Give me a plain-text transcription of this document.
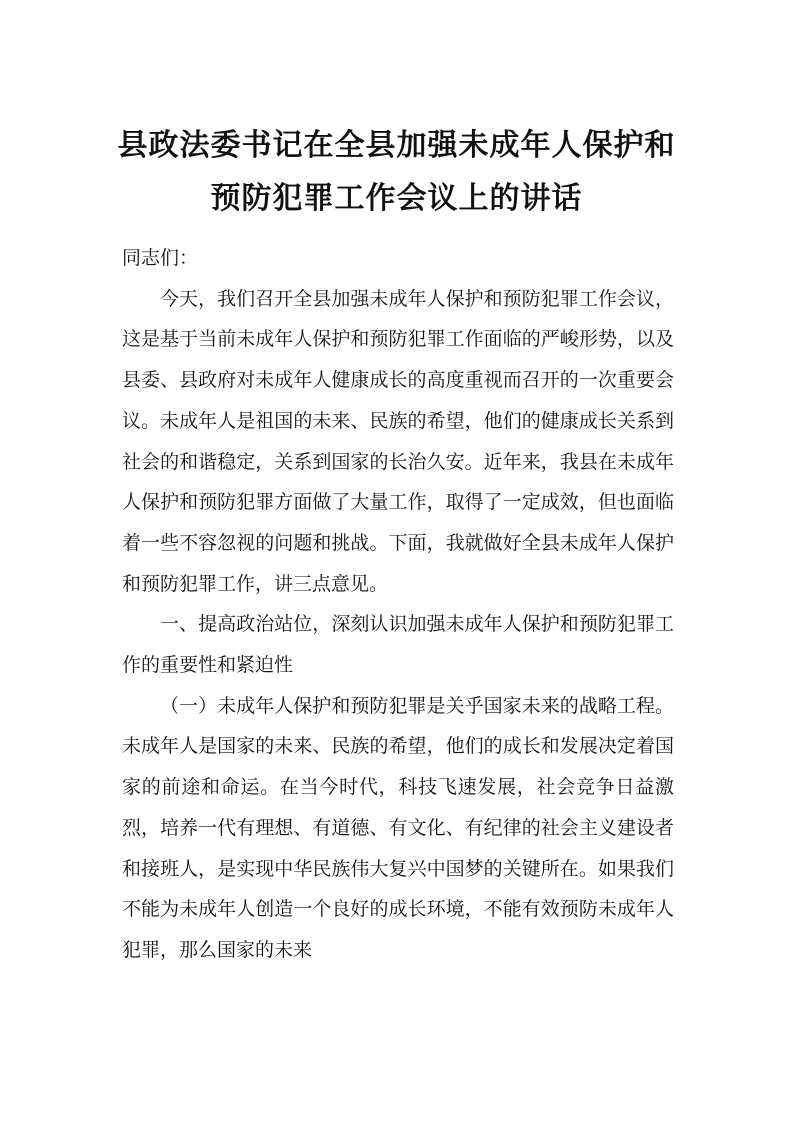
县政法委书记在全县加强未成年人保护和
预防犯罪工作会议上的讲话

同志们：

今天，我们召开全县加强未成年人保护和预防犯罪工作会议，这是基于当前未成年人保护和预防犯罪工作面临的严峻形势，以及县委、县政府对未成年人健康成长的高度重视而召开的一次重要会议。未成年人是祖国的未来、民族的希望，他们的健康成长关系到社会的和谐稳定，关系到国家的长治久安。近年来，我县在未成年人保护和预防犯罪方面做了大量工作，取得了一定成效，但也面临着一些不容忽视的问题和挑战。下面，我就做好全县未成年人保护和预防犯罪工作，讲三点意见。

一、提高政治站位，深刻认识加强未成年人保护和预防犯罪工作的重要性和紧迫性

（一）未成年人保护和预防犯罪是关乎国家未来的战略工程。未成年人是国家的未来、民族的希望，他们的成长和发展决定着国家的前途和命运。在当今时代，科技飞速发展，社会竞争日益激烈，培养一代有理想、有道德、有文化、有纪律的社会主义建设者和接班人，是实现中华民族伟大复兴中国梦的关键所在。如果我们不能为未成年人创造一个良好的成长环境，不能有效预防未成年人犯罪，那么国家的未来
